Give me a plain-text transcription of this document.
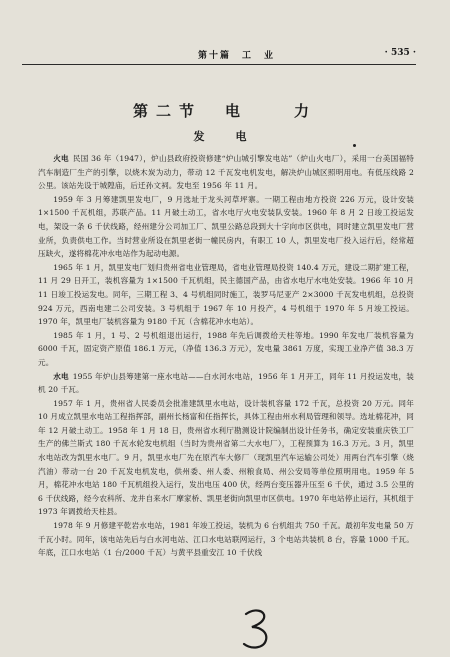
第十篇　工　业	· 535 ·
第二节　电　　力
发　电

火电 民国 36 年（1947），炉山县政府投资修建“炉山城引擎发电站”（炉山火电厂），采用一台美国福特汽车制造厂生产的引擎，以烧木炭为动力，带动 12 千瓦发电机发电，解决炉山城区照明用电。有低压线路 2 公里。该站先设于城隍庙，后迁孙文祠。发电至 1956 年 11 月。

1959 年 3 月筹建凯里发电厂，9 月选址于龙头河草坪寨。一期工程由地方投资 226 万元，设计安装 1×1500 千瓦机组，苏联产品。11 月破土动工，省水电厅火电安装队安装。1960 年 8 月 2 日竣工投运发电，架设一条 6 千伏线路，经州建分公司加工厂、凯里公路总段到大十字向市区供电，同时建立凯里发电厂营业所，负责供电工作。当时营业所设在凯里老街一幢民房内，有职工 10 人，凯里发电厂投入运行后，经常超压缺火，遂将棉花冲水电站作为起动电源。

1965 年 1 月，凯里发电厂划归贵州省电业管理局，省电业管理局投资 140.4 万元，建设二期扩建工程，11 月 29 日开工，装机容量为 1×1500 千瓦机组，民主德国产品，由省水电厅水电处安装。1966 年 10 月 11 日竣工投运发电。同年，三期工程 3、4 号机组同时施工，装罗马尼亚产 2×3000 千瓦发电机组，总投资 924 万元，西南电建二公司安装。3 号机组于 1967 年 10 月投产，4 号机组于 1970 年 5 月竣工投运。1970 年，凯里电厂装机容量为 9180 千瓦（含棉花冲水电站）。

1985 年 1 月，1 号、2 号机组退出运行，1988 年先后调拨给天柱等地。1990 年发电厂装机容量为 6000 千瓦，固定资产原值 186.1 万元，（净值 136.3 万元），发电量 3861 万度，实现工业净产值 38.3 万元。

水电 1955 年炉山县筹建第一座水电站——白水河水电站，1956 年 1 月开工，同年 11 月投运发电，装机 20 千瓦。

1957 年 1 月，贵州省人民委员会批准建凯里水电站，设计装机容量 172 千瓦，总投资 20 万元。同年 10 月成立凯里水电站工程指挥部，副州长杨富和任指挥长，具体工程由州水利局管理和领导。选址棉花冲，同年 12 月破土动工。1958 年 1 月 18 日，贵州省水利厅勘测设计院编制出设计任务书，确定安装重庆铁工厂生产的佛兰斯式 180 千瓦水轮发电机组（当时为贵州省第二大水电厂），工程预算为 16.3 万元。3 月，凯里水电站改为凯里水电厂。9 月，凯里水电厂先在原汽车大修厂（现凯里汽车运输公司处）用两台汽车引擎（烧汽油）带动一台 20 千瓦发电机发电，供州委、州人委、州粮食局、州公安局等单位照明用电。1959 年 5 月，棉花冲水电站 180 千瓦机组投入运行，发出电压 400 伏，经两台变压器升压至 6 千伏，通过 3.5 公里的 6 千伏线路，经今农科所、龙井自来水厂摩家桥、凯里老街向凯里市区供电。1970 年电站停止运行，其机组于 1973 年调拨给天柱县。

1978 年 9 月修建平乾岩水电站，1981 年竣工投运，装机为 6 台机组共 750 千瓦。最初年发电量 50 万千瓦小时。同年，该电站先后与白水河电站、江口水电站联网运行，3 个电站共装机 8 台，容量 1000 千瓦。年底，江口水电站（1 台/2000 千瓦）与黄平县重安江 10 千伏线
